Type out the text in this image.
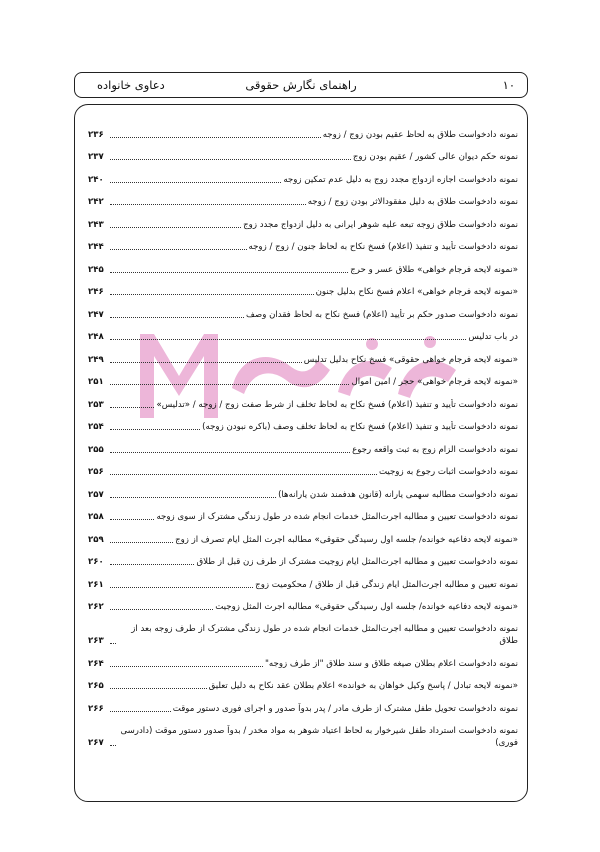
۱۰
راهنمای نگارش حقوقی
دعاوی خانواده
نمونه دادخواست طلاق به لحاظ عقیم بودن زوج / زوجه
۲۳۶
نمونه حکم دیوان عالی کشور / عقیم بودن زوج
۲۳۷
نمونه دادخواست اجازه ازدواج مجدد زوج به دلیل عدم تمکین زوجه
۲۴۰
نمونه دادخواست طلاق به دلیل مفقودالاثر بودن زوج / زوجه
۲۴۲
نمونه دادخواست طلاق زوجه تبعه علیه شوهر ایرانی به دلیل ازدواج مجدد زوج
۲۴۳
نمونه دادخواست تأیید و تنفیذ (اعلام) فسخ نکاح به لحاظ جنون / زوج / زوجه
۲۴۴
«نمونه لایحه فرجام خواهی» طلاق عسر و حرج
۲۴۵
«نمونه لایحه فرجام خواهی» اعلام فسخ نکاح بدلیل جنون
۲۴۶
نمونه دادخواست صدور حکم بر تأیید (اعلام) فسخ نکاح به لحاظ فقدان وصف
۲۴۷
در باب تدلیس
۲۴۸
«نمونه لایحه فرجام خواهی حقوقی» فسخ نکاح بدلیل تدلیس
۲۴۹
«نمونه لایحه فرجام خواهی» حجر / امین اموال
۲۵۱
نمونه دادخواست تأیید و تنفیذ (اعلام) فسخ نکاح به لحاظ تخلف از شرط صفت زوج / زوجه / «تدلیس»
۲۵۳
نمونه دادخواست تأیید و تنفیذ (اعلام) فسخ نکاح به لحاظ تخلف وصف (باکره نبودن زوجه)
۲۵۴
نمونه دادخواست الزام زوج به ثبت واقعه رجوع
۲۵۵
نمونه دادخواست اثبات رجوع به زوجیت
۲۵۶
نمونه دادخواست مطالبه سهمی یارانه (قانون هدفمند شدن یارانه‌ها)
۲۵۷
نمونه دادخواست تعیین و مطالبه اجرت‌المثل خدمات انجام شده در طول زندگی مشترک از سوی زوجه
۲۵۸
«نمونه لایحه دفاعیه خوانده/ جلسه اول رسیدگی حقوقی» مطالبه اجرت المثل ایام تصرف از زوج
۲۵۹
نمونه دادخواست تعیین و مطالبه اجرت‌المثل ایام زوجیت مشترک از طرف زن قبل از طلاق
۲۶۰
نمونه تعیین و مطالبه اجرت‌المثل ایام زندگی قبل از طلاق / محکومیت زوج
۲۶۱
«نمونه لایحه دفاعیه خوانده/ جلسه اول رسیدگی حقوقی» مطالبه اجرت المثل زوجیت
۲۶۲
نمونه دادخواست تعیین و مطالبه اجرت‌المثل خدمات انجام شده در طول زندگی مشترک از طرف زوجه بعد از طلاق
۲۶۳
نمونه دادخواست اعلام بطلان صیغه طلاق و سند طلاق "از طرف زوجه"
۲۶۴
«نمونه لایحه تبادل / پاسخ وکیل خواهان به خوانده» اعلام بطلان عقد نکاح به دلیل تعلیق
۲۶۵
نمونه دادخواست تحویل طفل مشترک از طرف مادر / پدر بدواً صدور و اجرای فوری دستور موقت
۲۶۶
نمونه دادخواست استرداد طفل شیرخوار به لحاظ اعتیاد شوهر به مواد مخدر / بدواً صدور دستور موقت (دادرسی فوری)
۲۶۷
